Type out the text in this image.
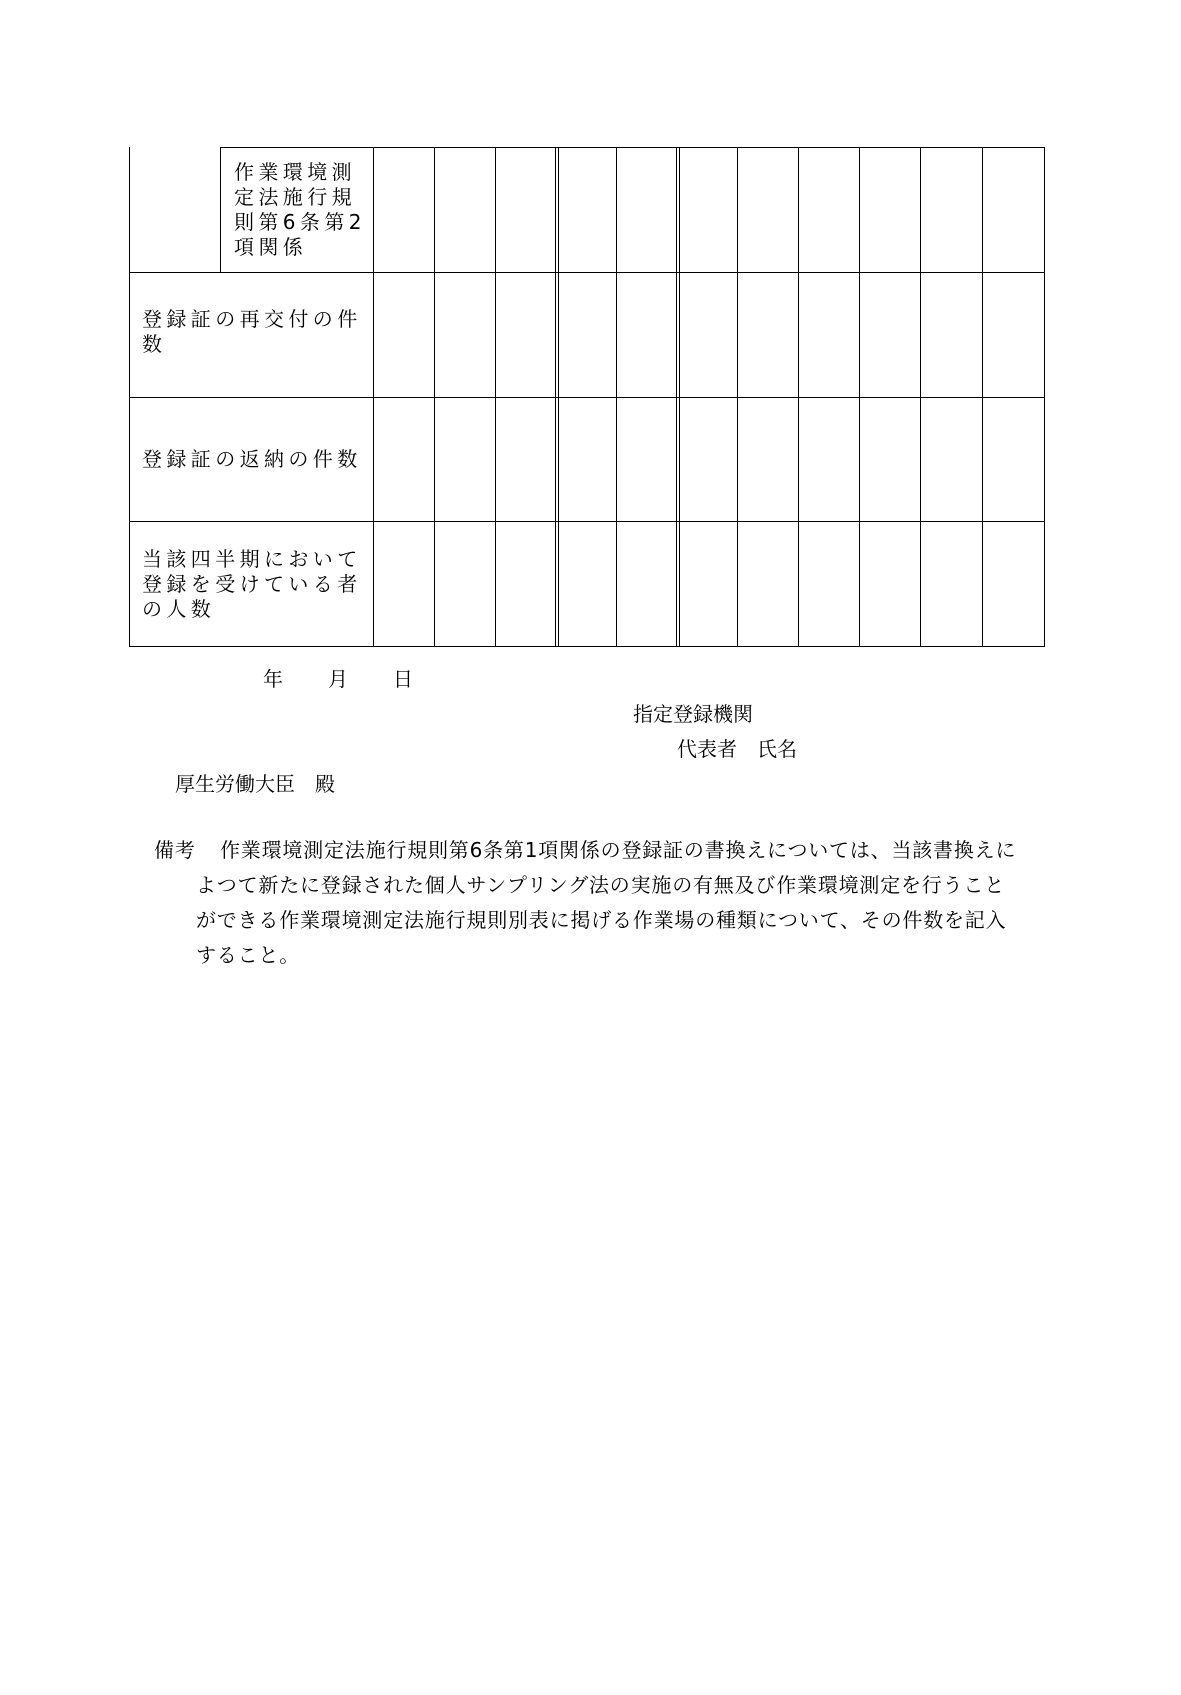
作業環境測
定法施行規
則第6条第2
項関係
登録証の再交付の件
数
登録証の返納の件数
当該四半期において
登録を受けている者
の人数
年 月 日
指定登録機関
代表者　氏名
厚生労働大臣　殿
備考 作業環境測定法施行規則第6条第1項関係の登録証の書換えについては、当該書換えに
よつて新たに登録された個人サンプリング法の実施の有無及び作業環境測定を行うこと
ができる作業環境測定法施行規則別表に掲げる作業場の種類について、その件数を記入
すること。
